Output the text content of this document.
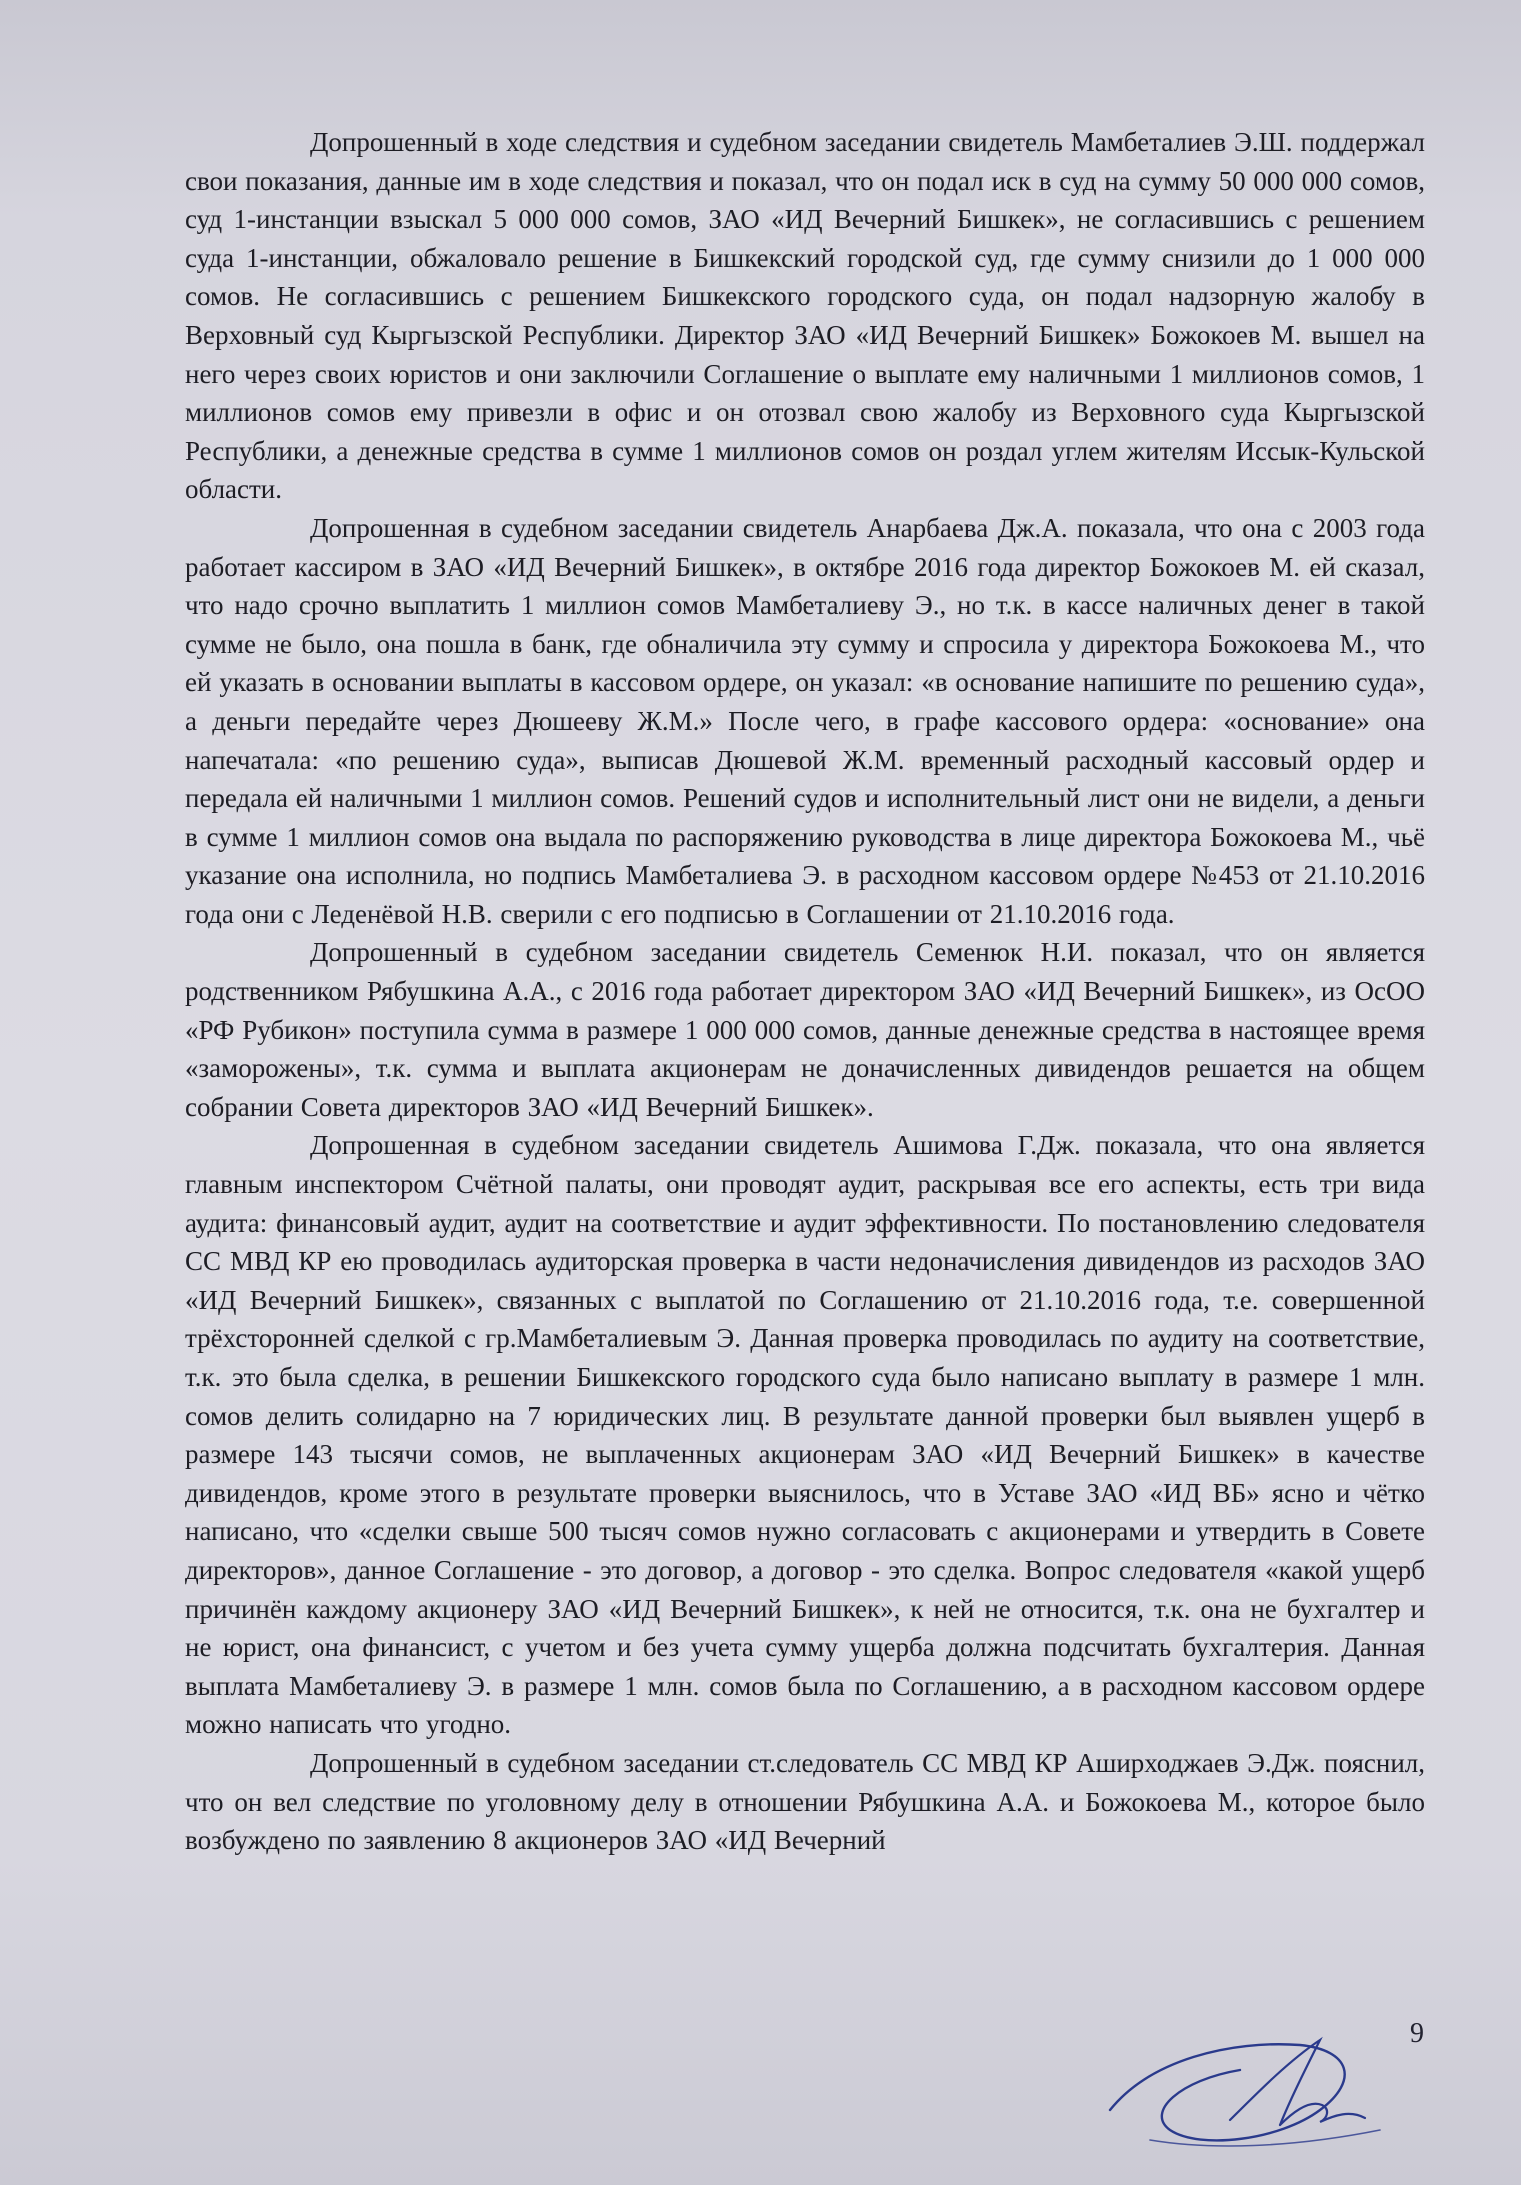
Допрошенный в ходе следствия и судебном заседании свидетель Мамбеталиев Э.Ш. поддержал свои показания, данные им в ходе следствия и показал, что он подал иск в суд на сумму 50 000 000 сомов, суд 1-инстанции взыскал 5 000 000 сомов, ЗАО «ИД Вечерний Бишкек», не согласившись с решением суда 1-инстанции, обжаловало решение в Бишкекский городской суд, где сумму снизили до 1 000 000 сомов. Не согласившись с решением Бишкекского городского суда, он подал надзорную жалобу в Верховный суд Кыргызской Республики. Директор ЗАО «ИД Вечерний Бишкек» Божокоев М. вышел на него через своих юристов и они заключили Соглашение о выплате ему наличными 1 миллионов сомов, 1 миллионов сомов ему привезли в офис и он отозвал свою жалобу из Верховного суда Кыргызской Республики, а денежные средства в сумме 1 миллионов сомов он роздал углем жителям Иссык-Кульской области.

Допрошенная в судебном заседании свидетель Анарбаева Дж.А. показала, что она с 2003 года работает кассиром в ЗАО «ИД Вечерний Бишкек», в октябре 2016 года директор Божокоев М. ей сказал, что надо срочно выплатить 1 миллион сомов Мамбеталиеву Э., но т.к. в кассе наличных денег в такой сумме не было, она пошла в банк, где обналичила эту сумму и спросила у директора Божокоева М., что ей указать в основании выплаты в кассовом ордере, он указал: «в основание напишите по решению суда», а деньги передайте через Дюшееву Ж.М.» После чего, в графе кассового ордера: «основание» она напечатала: «по решению суда», выписав Дюшевой Ж.М. временный расходный кассовый ордер и передала ей наличными 1 миллион сомов. Решений судов и исполнительный лист они не видели, а деньги в сумме 1 миллион сомов она выдала по распоряжению руководства в лице директора Божокоева М., чьё указание она исполнила, но подпись Мамбеталиева Э. в расходном кассовом ордере №453 от 21.10.2016 года они с Леденёвой Н.В. сверили с его подписью в Соглашении от 21.10.2016 года.

Допрошенный в судебном заседании свидетель Семенюк Н.И. показал, что он является родственником Рябушкина А.А., с 2016 года работает директором ЗАО «ИД Вечерний Бишкек», из ОсОО «РФ Рубикон» поступила сумма в размере 1 000 000 сомов, данные денежные средства в настоящее время «заморожены», т.к. сумма и выплата акционерам не доначисленных дивидендов решается на общем собрании Совета директоров ЗАО «ИД Вечерний Бишкек».

Допрошенная в судебном заседании свидетель Ашимова Г.Дж. показала, что она является главным инспектором Счётной палаты, они проводят аудит, раскрывая все его аспекты, есть три вида аудита: финансовый аудит, аудит на соответствие и аудит эффективности. По постановлению следователя СС МВД КР ею проводилась аудиторская проверка в части недоначисления дивидендов из расходов ЗАО «ИД Вечерний Бишкек», связанных с выплатой по Соглашению от 21.10.2016 года, т.е. совершенной трёхсторонней сделкой с гр.Мамбеталиевым Э. Данная проверка проводилась по аудиту на соответствие, т.к. это была сделка, в решении Бишкекского городского суда было написано выплату в размере 1 млн. сомов делить солидарно на 7 юридических лиц. В результате данной проверки был выявлен ущерб в размере 143 тысячи сомов, не выплаченных акционерам ЗАО «ИД Вечерний Бишкек» в качестве дивидендов, кроме этого в результате проверки выяснилось, что в Уставе ЗАО «ИД ВБ» ясно и чётко написано, что «сделки свыше 500 тысяч сомов нужно согласовать с акционерами и утвердить в Совете директоров», данное Соглашение - это договор, а договор - это сделка. Вопрос следователя «какой ущерб причинён каждому акционеру ЗАО «ИД Вечерний Бишкек», к ней не относится, т.к. она не бухгалтер и не юрист, она финансист, с учетом и без учета сумму ущерба должна подсчитать бухгалтерия. Данная выплата Мамбеталиеву Э. в размере 1 млн. сомов была по Соглашению, а в расходном кассовом ордере можно написать что угодно.

Допрошенный в судебном заседании ст.следователь СС МВД КР Аширходжаев Э.Дж. пояснил, что он вел следствие по уголовному делу в отношении Рябушкина А.А. и Божокоева М., которое было возбуждено по заявлению 8 акционеров ЗАО «ИД Вечерний

9
